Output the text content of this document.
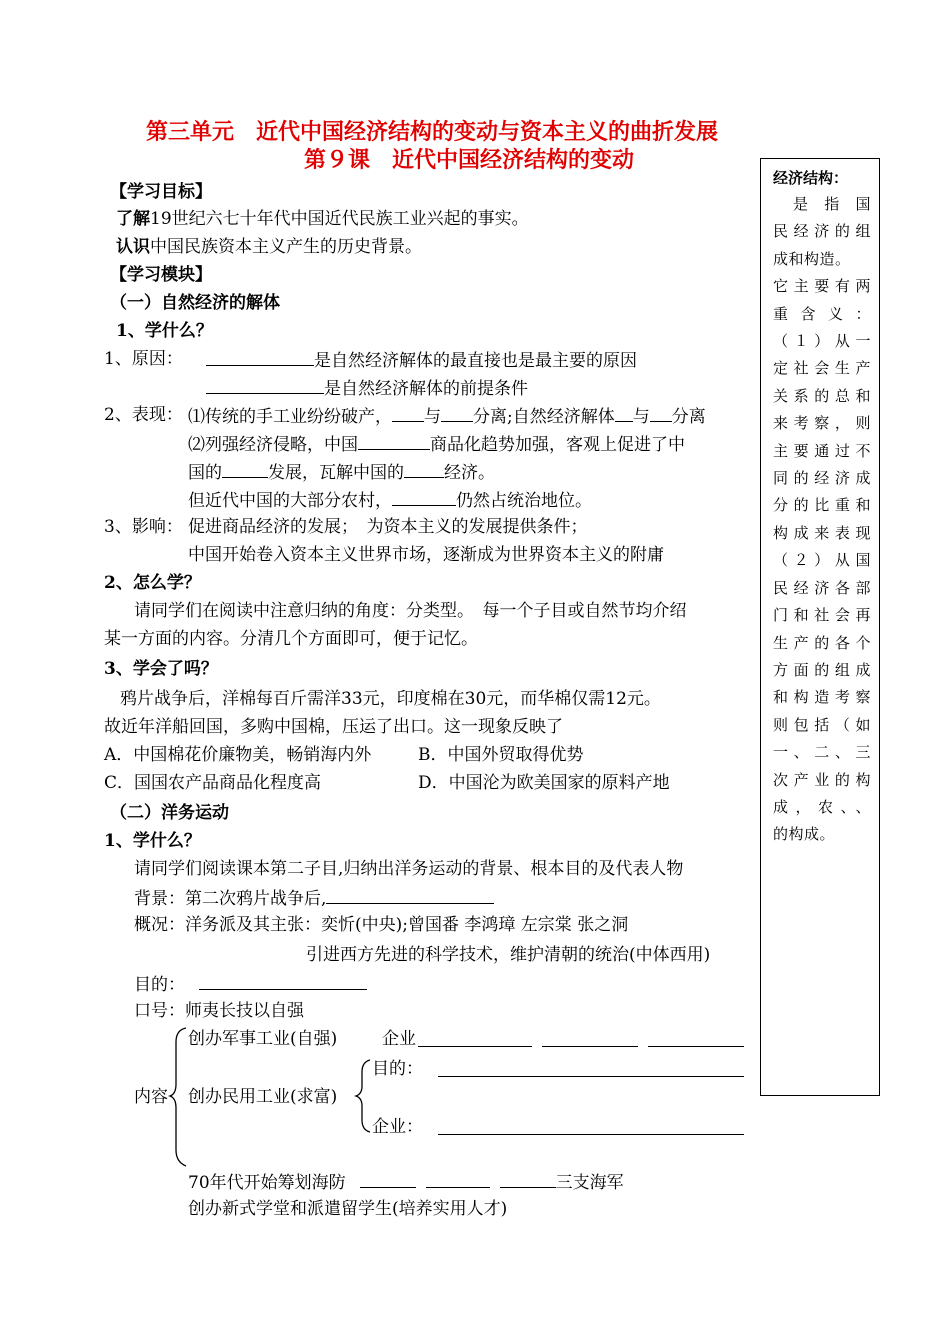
第三单元　近代中国经济结构的变动与资本主义的曲折发展
第９课　近代中国经济结构的变动
经济结构：
是 指 国
民经济的组
成和构造。
它主要有两
重 含 义 ：
（１）从一
定社会生产
关系的总和
来考察，则
主要通过不
同的经济成
分的比重和
构成来表现
（２）从国
民经济各部
门和社会再
生产的各个
方面的组成
和构造考察
则包括（如
一、二、三
次产业的构
成，农、、
的构成。
【学习目标】
了解19世纪六七十年代中国近代民族工业兴起的事实。
认识中国民族资本主义产生的历史背景。
【学习模块】
（一）自然经济的解体
1、学什么？
1、原因：	是自然经济解体的最直接也是最主要的原因
是自然经济解体的前提条件
2、表现： ⑴传统的手工业纷纷破产， 与 分离;自然经济解体 与 分离
⑵列强经济侵略，中国	商品化趋势加强，客观上促进了中
国的	发展，瓦解中国的 经济。
但近代中国的大部分农村，	仍然占统治地位。
3、影响： 促进商品经济的发展；　为资本主义的发展提供条件；
中国开始卷入资本主义世界市场，逐渐成为世界资本主义的附庸
2、怎么学？
请同学们在阅读中注意归纳的角度：分类型。　每一个子目或自然节均介绍
某一方面的内容。分清几个方面即可，便于记忆。
3、学会了吗？
鸦片战争后，洋棉每百斤需洋33元，印度棉在30元，而华棉仅需12元。
故近年洋船回国，多购中国棉，压运了出口。这一现象反映了
A．中国棉花价廉物美，畅销海内外	B．中国外贸取得优势
C．国国农产品商品化程度高	D．中国沦为欧美国家的原料产地
（二）洋务运动
1、学什么？
请同学们阅读课本第二子目,归纳出洋务运动的背景、根本目的及代表人物
背景：第二次鸦片战争后,
概况：洋务派及其主张：奕忻(中央);曾国番 李鸿璋 左宗棠 张之洞
引进西方先进的科学技术，维护清朝的统治(中体西用)
目的：
口号：师夷长技以自强
内容
创办军事工业(自强)	企业
创办民用工业(求富)
目的：
企业：
70年代开始筹划海防	三支海军
创办新式学堂和派遣留学生(培养实用人才)
